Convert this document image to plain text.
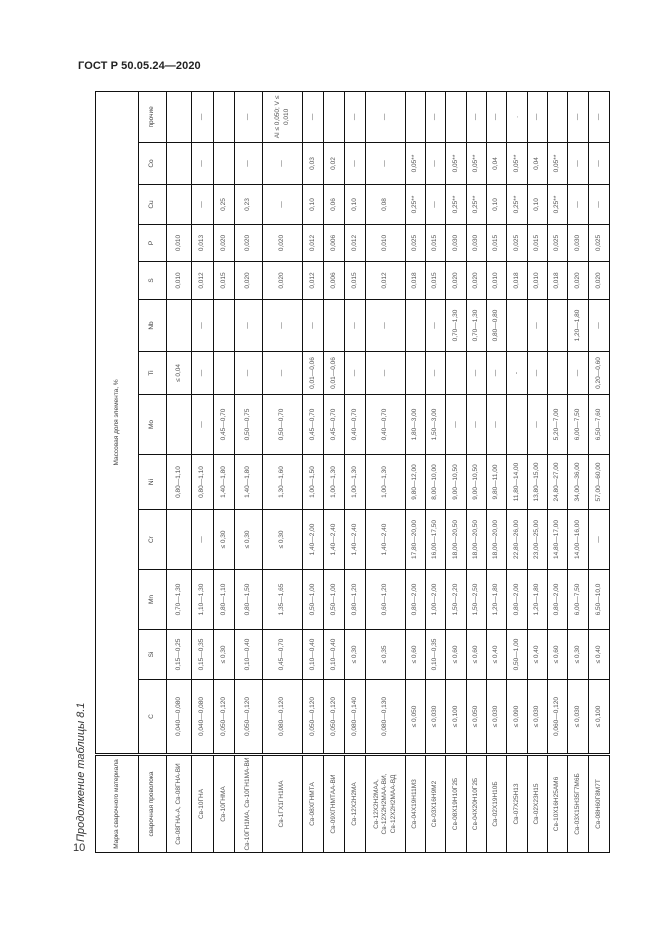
ГОСТ Р 50.05.24—2020
Продолжение таблицы 8.1
10	Марка сварочного материала	Массовая доля элемента, %												
сварочная проволока	C	Si	Mn	Cr	Ni	Mo	Ti	Nb	S	P	Cu	Co	прочие
Св-08ГНА-А, Св-08ГНА-ВИ	0,040—0,080	0,15—0,25	0,70—1,30		0,80—1,10		≤ 0,04		0,010	0,010			
Св-10ГНА	0,040—0,080	0,15—0,35	1,10—1,30	—	0,80—1,10	—	—	—	0,012	0,013	—	—	—
Св-10ГНМА	0,050—0,120	≤ 0,30	0,80—1,10	≤ 0,30	1,40—1,80	0,45—0,70			0,015	0,020	0,25		
Св-10ГН1МА, Св-10ГН1МА-ВИ	0,050—0,120	0,10—0,40	0,80—1,50	≤ 0,30	1,40—1,80	0,50—0,75	—	—	0,020	0,020	0,23	—	—
Св-1ГХ1ГН1МА	0,080—0,120	0,45—0,70	1,35—1,65	≤ 0,30	1,30—1,60	0,50—0,70	—	—	0,020	0,020	—	—	Al ≤ 0,050; V ≤ 0,010
Св-08ХГНМТА	0,050—0,120	0,10—0,40	0,50—1,00	1,40—2,00	1,00—1,50	0,45—0,70	0,01—0,06	—	0,012	0,012	0,10	0,03	—
Св-09ХГНМТАА-ВИ	0,050—0,120	0,10—0,40	0,50—1,00	1,40—2,40	1,00—1,30	0,45—0,70	0,01—0,06		0,006	0,006	0,06	0,02	
Св-12Х2Н2МА	0,080—0,140	≤ 0,30	0,80—1,20	1,40—2,40	1,00—1,30	0,40—0,70	—	—	0,015	0,012	0,10	—	—
Св-12Х2Н2МАА, Св-12Х2Н2МАА-ВИ, Св-12Х2Н2МАА-ВД	0,080—0,130	≤ 0,35	0,60—1,20	1,40—2,40	1,00—1,30	0,40—0,70	—	—	0,012	0,010	0,08	—	—
Св-04Х19Н11М3	≤ 0,050	≤ 0,60	0,80—2,00	17,80—20,00	9,80—12,00	1,80—3,00			0,018	0,025	0,25**	0,05**	
Св-03Х16Н9М2	≤ 0,030	0,10—0,35	1,00—2,00	16,00—17,50	8,00—10,00	1,50—3,00	—	—	0,015	0,015	—	—	—
Св-08Х19Н10Г2Б	≤ 0,100	≤ 0,60	1,50—2,20	18,00—20,50	9,00—10,50	—		0,70—1,30	0,020	0,030	0,25**	0,05**	
Св-04Х20Н10Г2Б	≤ 0,050	≤ 0,60	1,50—2,50	18,00—20,50	9,00—10,50	—	—	0,70—1,30	0,020	0,030	0,25**	0,05**	—
Св-02Х19Н10Б	≤ 0,030	≤ 0,40	1,20—1,80	18,00—20,00	9,80—11,00	—	—	0,80—0,80	0,010	0,015	0,10	0,04	—
Св-07Х25Н13	≤ 0,090	0,50—1,00	0,80—2,00	22,80—26,00	11,80—14,00		-		0,018	0,025	0,25**	0,05**	.
Св-02Х23Н15	≤ 0,030	≤ 0,40	1,20—1,80	23,00—25,00	13,80—15,00	—	—	—	0,010	0,015	0,10	0,04	—
Св-10Х16Н25АМ6	0,060—0,120	≤ 0,60	0,80—2,00	14,80—17,00	24,80—27,00	5,20—7,00			0,018	0,025	0,25**	0,05**	
Св-03Х15Н35Г7М6Б	≤ 0,030	≤ 0,30	6,00—7,50	14,00—16,00	34,00—36,00	6,00—7,50	—	1,20—1,80	0,020	0,030	—	—	—
Св-08Н60Г8М7Т	≤ 0,100	≤ 0,40	6,50—10,0	—	57,00—60,00	6,50—7,60	0,20—0,60	—	0,020	0,025	—	—	—
